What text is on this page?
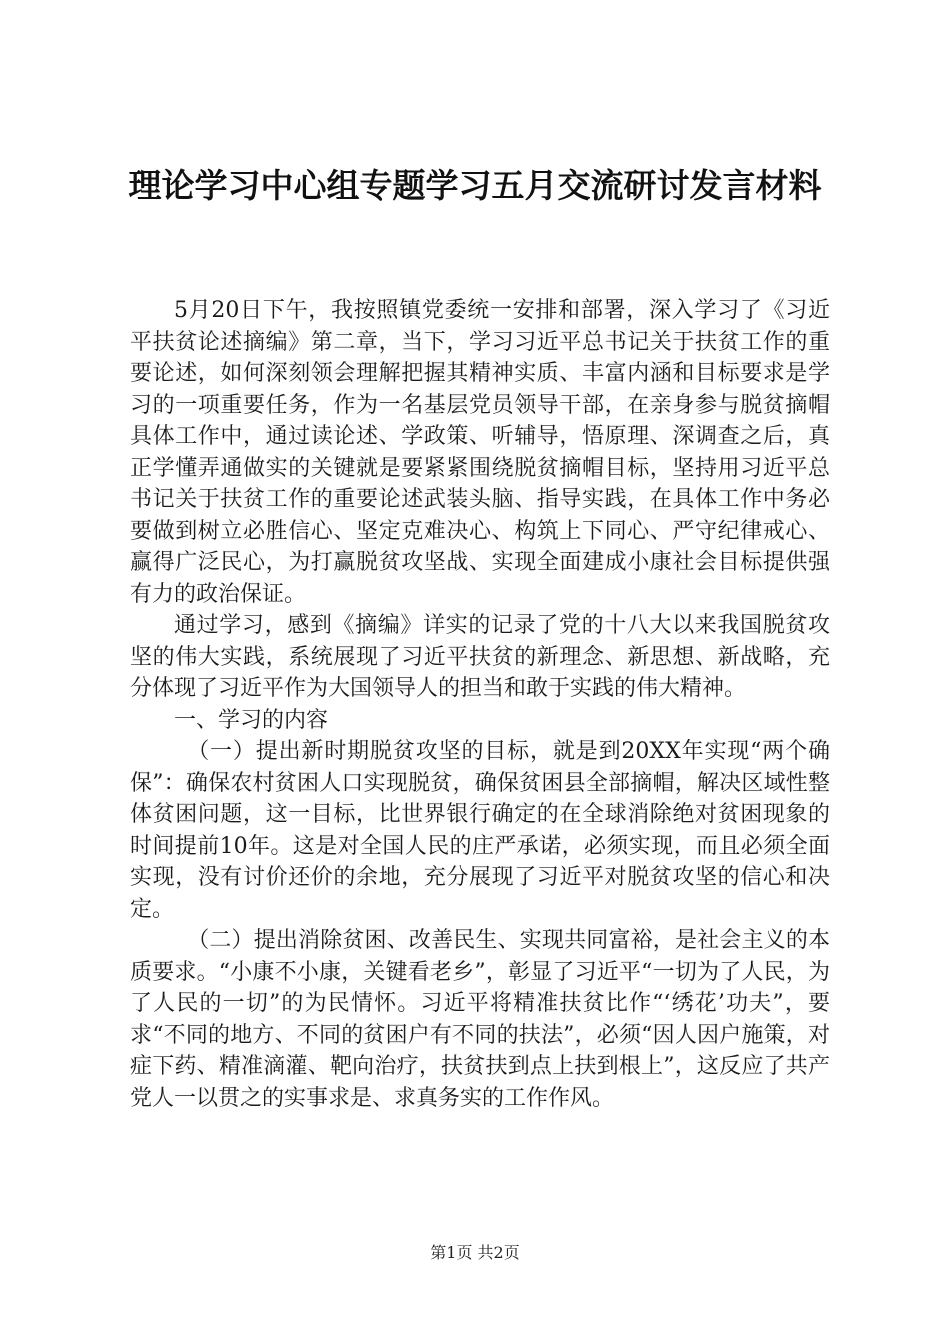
理论学习中心组专题学习五月交流研讨发言材料

5月20日下午，我按照镇党委统一安排和部署，深入学习了《习近平扶贫论述摘编》第二章，当下，学习习近平总书记关于扶贫工作的重要论述，如何深刻领会理解把握其精神实质、丰富内涵和目标要求是学习的一项重要任务，作为一名基层党员领导干部，在亲身参与脱贫摘帽具体工作中，通过读论述、学政策、听辅导，悟原理、深调查之后，真正学懂弄通做实的关键就是要紧紧围绕脱贫摘帽目标，坚持用习近平总书记关于扶贫工作的重要论述武装头脑、指导实践，在具体工作中务必要做到树立必胜信心、坚定克难决心、构筑上下同心、严守纪律戒心、赢得广泛民心，为打赢脱贫攻坚战、实现全面建成小康社会目标提供强有力的政治保证。

通过学习，感到《摘编》详实的记录了党的十八大以来我国脱贫攻坚的伟大实践，系统展现了习近平扶贫的新理念、新思想、新战略，充分体现了习近平作为大国领导人的担当和敢于实践的伟大精神。

一、学习的内容

（一）提出新时期脱贫攻坚的目标，就是到20XX年实现“两个确保”：确保农村贫困人口实现脱贫，确保贫困县全部摘帽，解决区域性整体贫困问题，这一目标，比世界银行确定的在全球消除绝对贫困现象的时间提前10年。这是对全国人民的庄严承诺，必须实现，而且必须全面实现，没有讨价还价的余地，充分展现了习近平对脱贫攻坚的信心和决定。

（二）提出消除贫困、改善民生、实现共同富裕，是社会主义的本质要求。“小康不小康，关键看老乡”，彰显了习近平“一切为了人民，为了人民的一切”的为民情怀。习近平将精准扶贫比作“‘绣花’功夫”，要求“不同的地方、不同的贫困户有不同的扶法”，必须“因人因户施策，对症下药、精准滴灌、靶向治疗，扶贫扶到点上扶到根上”，这反应了共产党人一以贯之的实事求是、求真务实的工作作风。

第1页 共2页
